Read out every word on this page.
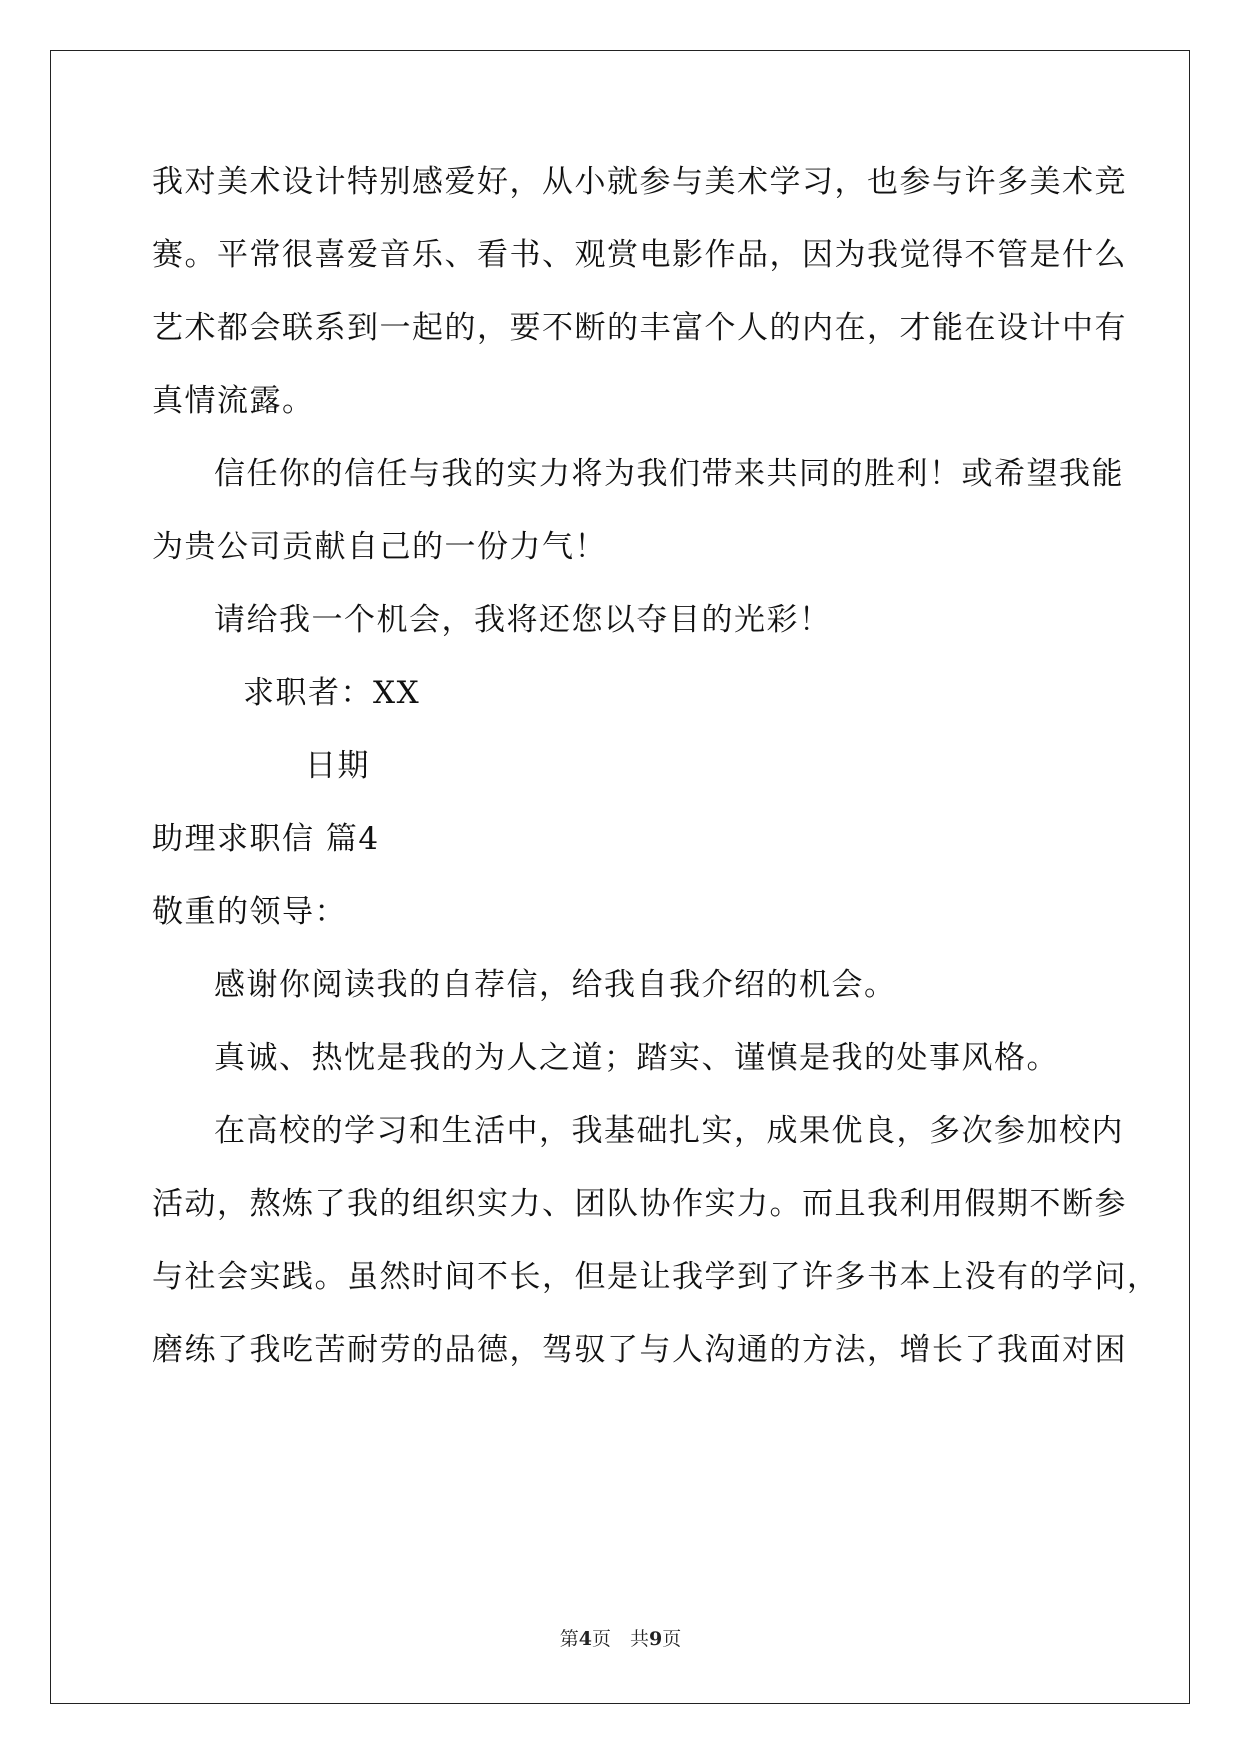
我对美术设计特别感爱好，从小就参与美术学习，也参与许多美术竞
赛。平常很喜爱音乐、看书、观赏电影作品，因为我觉得不管是什么
艺术都会联系到一起的，要不断的丰富个人的内在，才能在设计中有
真情流露。
信任你的信任与我的实力将为我们带来共同的胜利！或希望我能
为贵公司贡献自己的一份力气！
请给我一个机会，我将还您以夺目的光彩！
求职者：XX
日期
助理求职信 篇4
敬重的领导：
感谢你阅读我的自荐信，给我自我介绍的机会。
真诚、热忱是我的为人之道；踏实、谨慎是我的处事风格。
在高校的学习和生活中，我基础扎实，成果优良，多次参加校内
活动，熬炼了我的组织实力、团队协作实力。而且我利用假期不断参
与社会实践。虽然时间不长，但是让我学到了许多书本上没有的学问，
磨练了我吃苦耐劳的品德，驾驭了与人沟通的方法，增长了我面对困
第4页　共9页
